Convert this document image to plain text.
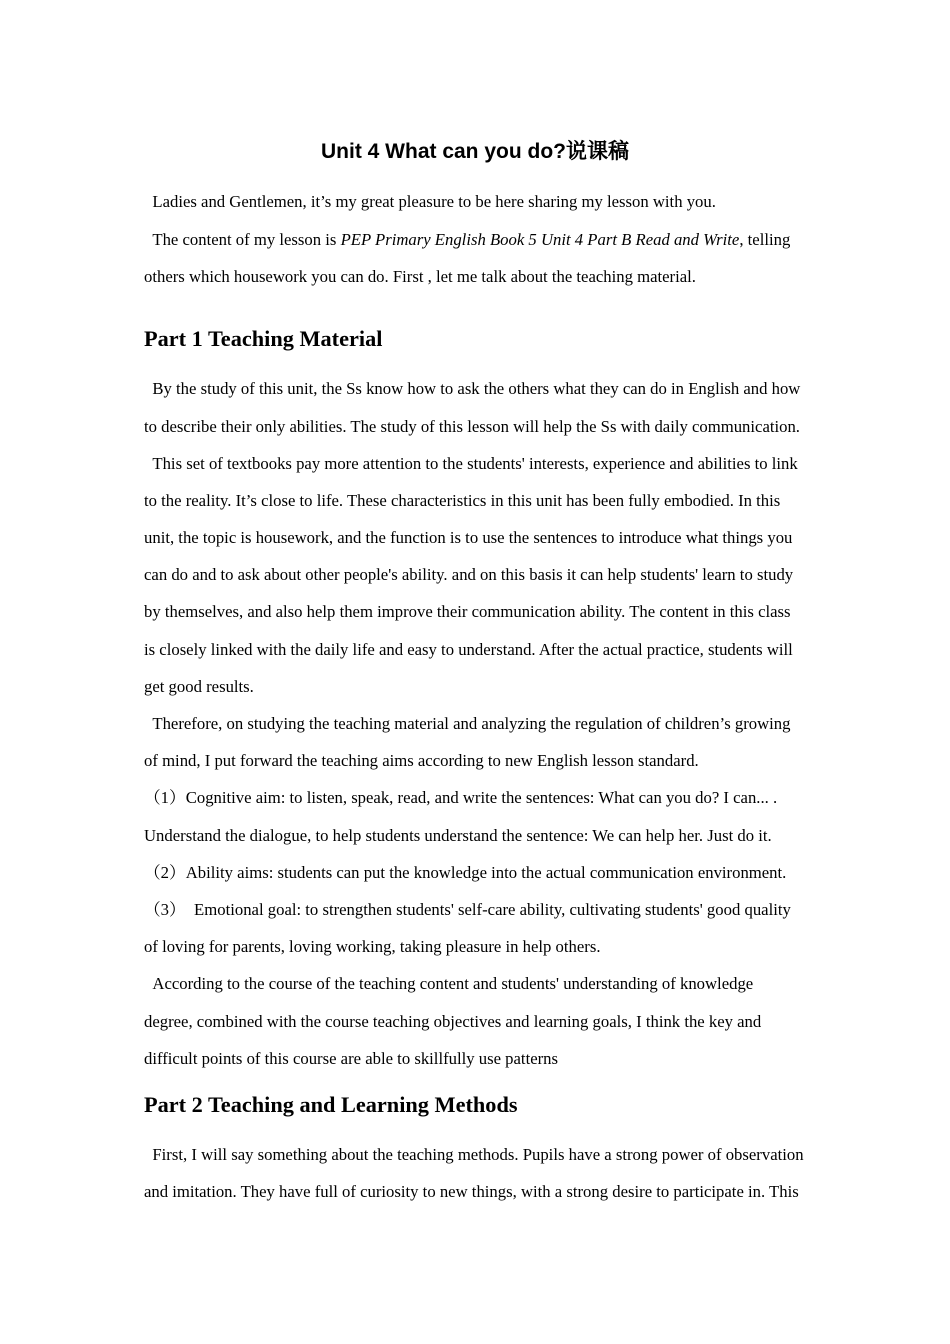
Unit 4 What can you do?说课稿
Ladies and Gentlemen, it’s my great pleasure to be here sharing my lesson with you.
The content of my lesson is PEP Primary English Book 5 Unit 4 Part B Read and Write, telling
others which housework you can do. First , let me talk about the teaching material.
Part 1 Teaching Material
By the study of this unit, the Ss know how to ask the others what they can do in English and how
to describe their only abilities. The study of this lesson will help the Ss with daily communication.
This set of textbooks pay more attention to the students' interests, experience and abilities to link
to the reality. It’s close to life. These characteristics in this unit has been fully embodied. In this
unit, the topic is housework, and the function is to use the sentences to introduce what things you
can do and to ask about other people's ability. and on this basis it can help students' learn to study
by themselves, and also help them improve their communication ability. The content in this class
is closely linked with the daily life and easy to understand. After the actual practice, students will
get good results.
Therefore, on studying the teaching material and analyzing the regulation of children’s growing
of mind, I put forward the teaching aims according to new English lesson standard.
（1）Cognitive aim: to listen, speak, read, and write the sentences: What can you do? I can... .
Understand the dialogue, to help students understand the sentence: We can help her. Just do it.
（2）Ability aims: students can put the knowledge into the actual communication environment.
（3）  Emotional goal: to strengthen students' self-care ability, cultivating students' good quality
of loving for parents, loving working, taking pleasure in help others.
According to the course of the teaching content and students' understanding of knowledge
degree, combined with the course teaching objectives and learning goals, I think the key and
difficult points of this course are able to skillfully use patterns
Part 2 Teaching and Learning Methods
First, I will say something about the teaching methods. Pupils have a strong power of observation
and imitation. They have full of curiosity to new things, with a strong desire to participate in. This
